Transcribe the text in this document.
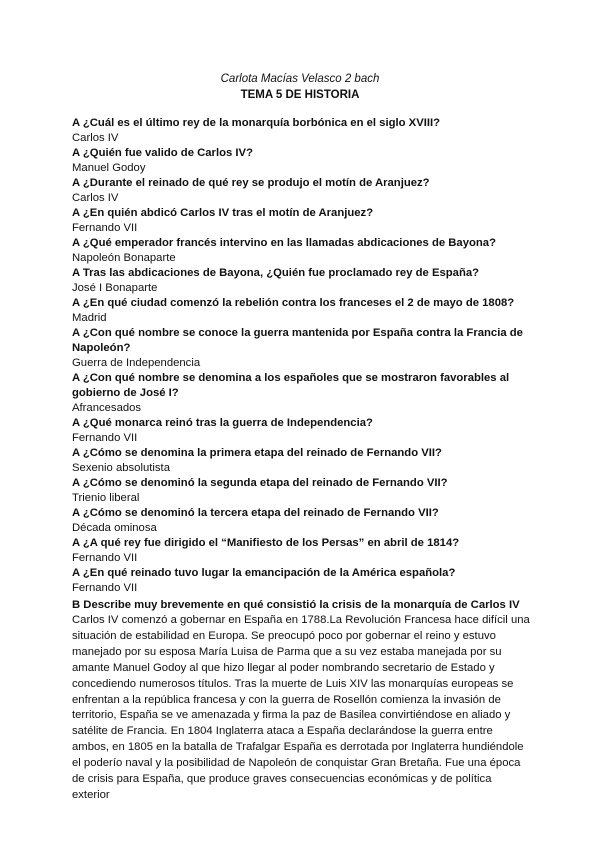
Carlota Macías Velasco 2 bach
TEMA 5 DE HISTORIA

A ¿Cuál es el último rey de la monarquía borbónica en el siglo XVIII?

Carlos IV

A ¿Quién fue valido de Carlos IV?

Manuel Godoy

A ¿Durante el reinado de qué rey se produjo el motín de Aranjuez?

Carlos IV

A ¿En quién abdicó Carlos IV tras el motín de Aranjuez?

Fernando VII

A ¿Qué emperador francés intervino en las llamadas abdicaciones de Bayona?

Napoleón Bonaparte

A Tras las abdicaciones de Bayona, ¿Quién fue proclamado rey de España?

José I Bonaparte

A ¿En qué ciudad comenzó la rebelión contra los franceses el 2 de mayo de 1808?

Madrid

A ¿Con qué nombre se conoce la guerra mantenida por España contra la Francia de Napoleón?

Guerra de Independencia

A ¿Con qué nombre se denomina a los españoles que se mostraron favorables al gobierno de José I?

Afrancesados

A ¿Qué monarca reinó tras la guerra de Independencia?

Fernando VII

A ¿Cómo se denomina la primera etapa del reinado de Fernando VII?

Sexenio absolutista

A ¿Cómo se denominó la segunda etapa del reinado de Fernando VII?

Trienio liberal

A ¿Cómo se denominó la tercera etapa del reinado de Fernando VII?

Década ominosa

A ¿A qué rey fue dirigido el “Manifiesto de los Persas” en abril de 1814?

Fernando VII

A ¿En qué reinado tuvo lugar la emancipación de la América española?

Fernando VII

B Describe muy brevemente en qué consistió la crisis de la monarquía de Carlos IV

Carlos IV comenzó a gobernar en España en 1788.La Revolución Francesa hace difícil una situación de estabilidad en Europa. Se preocupó poco por gobernar el reino y estuvo manejado por su esposa María Luisa de Parma que a su vez estaba manejada por su amante Manuel Godoy al que hizo llegar al poder nombrando secretario de Estado y concediendo numerosos títulos. Tras la muerte de Luis XIV las monarquías europeas se enfrentan a la república francesa y con la guerra de Rosellón comienza la invasión de territorio, España se ve amenazada y firma la paz de Basilea convirtiéndose en aliado y satélite de Francia. En 1804 Inglaterra ataca a España declarándose la guerra entre ambos, en 1805 en la batalla de Trafalgar España es derrotada por Inglaterra hundiéndole el poderío naval y la posibilidad de Napoleón de conquistar Gran Bretaña. Fue una época de crisis para España, que produce graves consecuencias económicas y de política exterior
